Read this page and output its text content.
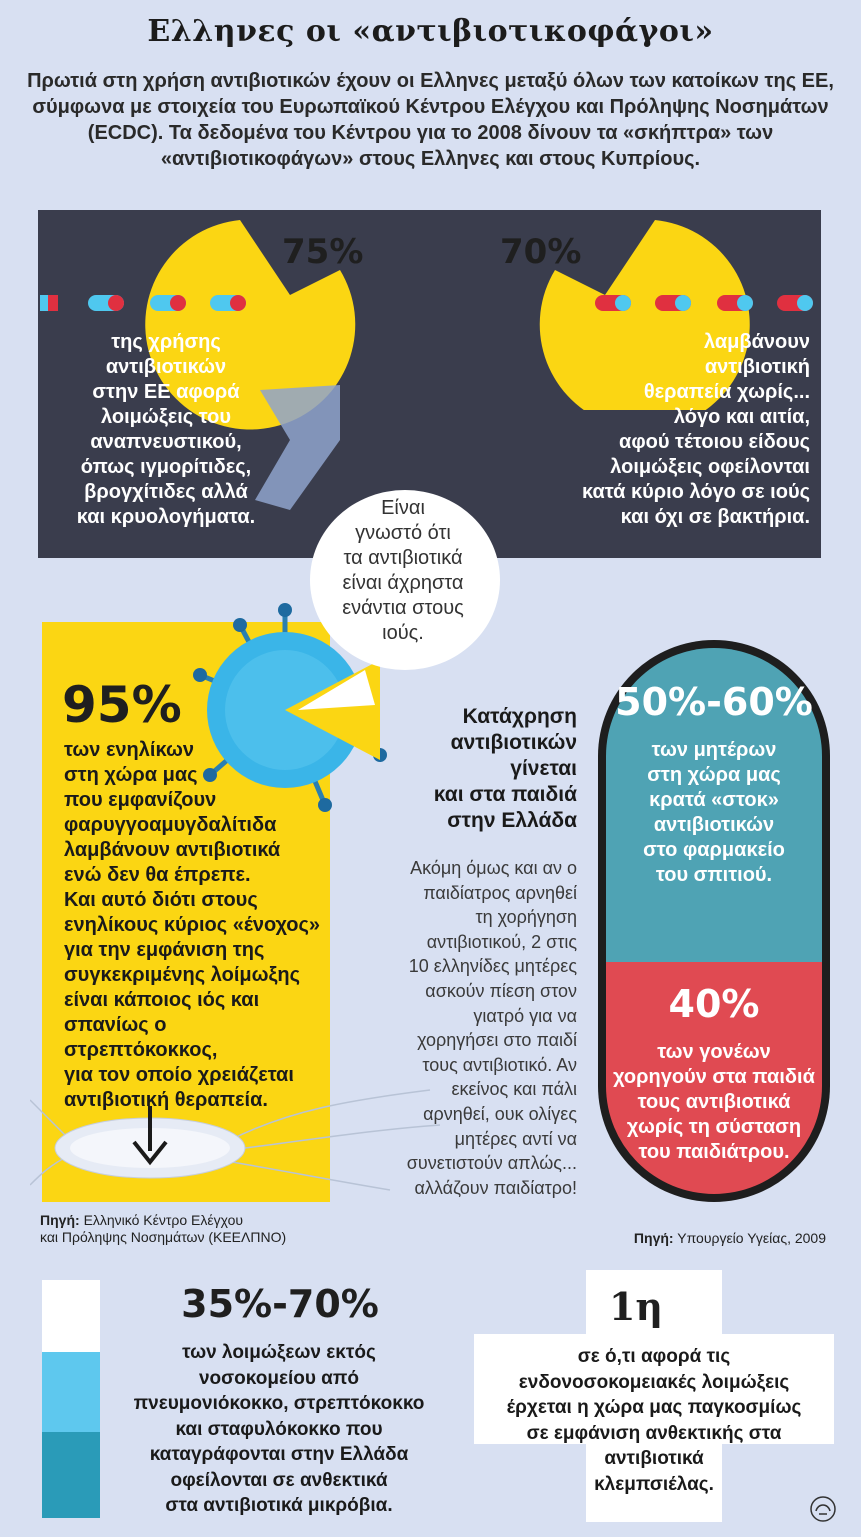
Ελληνες οι «αντιβιοτικοφάγοι»
Πρωτιά στη χρήση αντιβιοτικών έχουν οι Ελληνες μεταξύ όλων των κατοίκων της ΕΕ, σύμφωνα με στοιχεία του Ευρωπαϊκού Κέντρου Ελέγχου και Πρόληψης Νοσημάτων (ECDC). Τα δεδομένα του Κέντρου για το 2008 δίνουν τα «σκήπτρα» των «αντιβιοτικοφάγων» στους Ελληνες και στους Κυπρίους.
75%
της χρήσης
αντιβιοτικών
στην ΕΕ αφορά
λοιμώξεις του
αναπνευστικού,
όπως ιγμορίτιδες,
βρογχίτιδες αλλά
και κρυολογήματα.
70%
λαμβάνουν
αντιβιοτική
θεραπεία χωρίς...
λόγο και αιτία,
αφού τέτοιου είδους
λοιμώξεις οφείλονται
κατά κύριο λόγο σε ιούς
και όχι σε βακτήρια.
Είναι
γνωστό ότι
τα αντιβιοτικά
είναι άχρηστα
ενάντια στους
ιούς.
95%
των ενηλίκων
στη χώρα μας
που εμφανίζουν
φαρυγγοαμυγδαλίτιδα
λαμβάνουν αντιβιοτικά
ενώ δεν θα έπρεπε.
Και αυτό διότι στους
ενηλίκους κύριος «ένοχος»
για την εμφάνιση της
συγκεκριμένης λοίμωξης
είναι κάποιος ιός και
σπανίως ο στρεπτόκοκκος,
για τον οποίο χρειάζεται
αντιβιοτική θεραπεία.
Κατάχρηση
αντιβιοτικών
γίνεται
και στα παιδιά
στην Ελλάδα
Ακόμη όμως και αν ο
παιδίατρος αρνηθεί
τη χορήγηση
αντιβιοτικού, 2 στις
10 ελληνίδες μητέρες
ασκούν πίεση στον
γιατρό για να
χορηγήσει στο παιδί
τους αντιβιοτικό. Αν
εκείνος και πάλι
αρνηθεί, ουκ ολίγες
μητέρες αντί να
συνετιστούν απλώς...
αλλάζουν παιδίατρο!
50%-60%
των μητέρων
στη χώρα μας
κρατά «στοκ»
αντιβιοτικών
στο φαρμακείο
του σπιτιού.
40%
των γονέων
χορηγούν στα παιδιά
τους αντιβιοτικά
χωρίς τη σύσταση
του παιδιάτρου.
Πηγή: Ελληνικό Κέντρο Ελέγχου
και Πρόληψης Νοσημάτων (ΚΕΕΛΠΝΟ)	Πηγή: Υπουργείο Υγείας, 2009
35%-70%
των λοιμώξεων εκτός
νοσοκομείου από
πνευμονιόκοκκο, στρεπτόκοκκο
και σταφυλόκοκκο που
καταγράφονται στην Ελλάδα
οφείλονται σε ανθεκτικά
στα αντιβιοτικά μικρόβια.
1η
σε ό,τι αφορά τις
ενδονοσοκομειακές λοιμώξεις
έρχεται η χώρα μας παγκοσμίως
σε εμφάνιση ανθεκτικής στα
αντιβιοτικά
κλεμπσιέλας.
